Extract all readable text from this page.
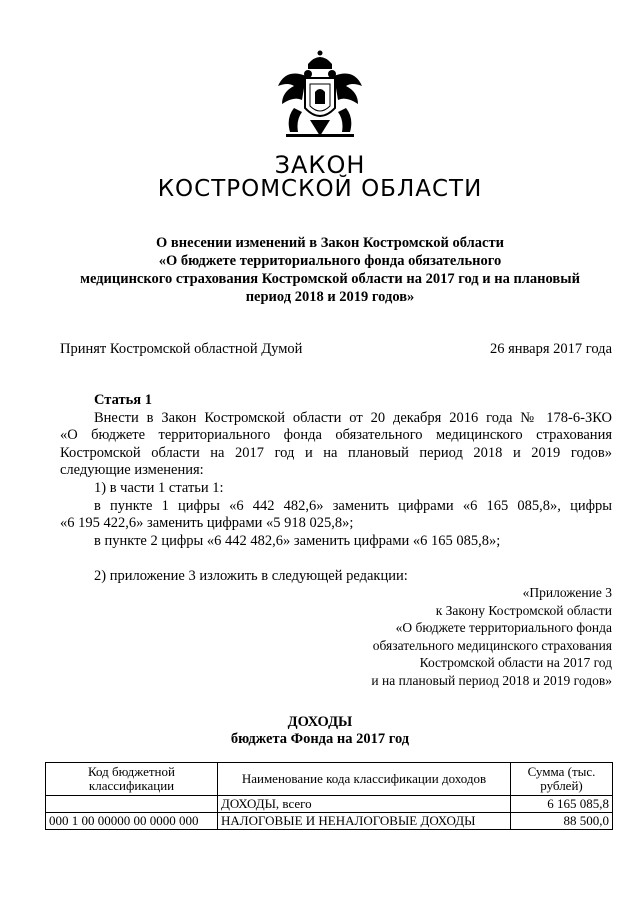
ЗАКОН
КОСТРОМСКОЙ ОБЛАСТИ
О внесении изменений в Закон Костромской области
«О бюджете территориального фонда обязательного
медицинского страхования Костромской области на 2017 год и на плановый
период 2018 и 2019 годов»
Принят Костромской областной Думой	26 января 2017 года

Статья 1

Внести в Закон Костромской области от 20 декабря 2016 года № 178-6-ЗКО

«О бюджете территориального фонда обязательного медицинского страхования

Костромской области на 2017 год и на плановый период 2018 и 2019 годов»

следующие изменения:

1) в части 1 статьи 1:

в пункте 1 цифры «6 442 482,6» заменить цифрами «6 165 085,8», цифры

«6 195 422,6» заменить цифрами «5 918 025,8»;

в пункте 2 цифры «6 442 482,6» заменить цифрами «6 165 085,8»;

2) приложение 3 изложить в следующей редакции:

«Приложение 3
к Закону Костромской области
«О бюджете территориального фонда
обязательного медицинского страхования
Костромской области на 2017 год
и на плановый период 2018 и 2019 годов»
ДОХОДЫ
бюджета Фонда на 2017 год
Код бюджетной классификации	Наименование кода классификации доходов	Сумма (тыс. рублей)
	ДОХОДЫ, всего	6 165 085,8
000 1 00 00000 00 0000 000	НАЛОГОВЫЕ И НЕНАЛОГОВЫЕ ДОХОДЫ	88 500,0
